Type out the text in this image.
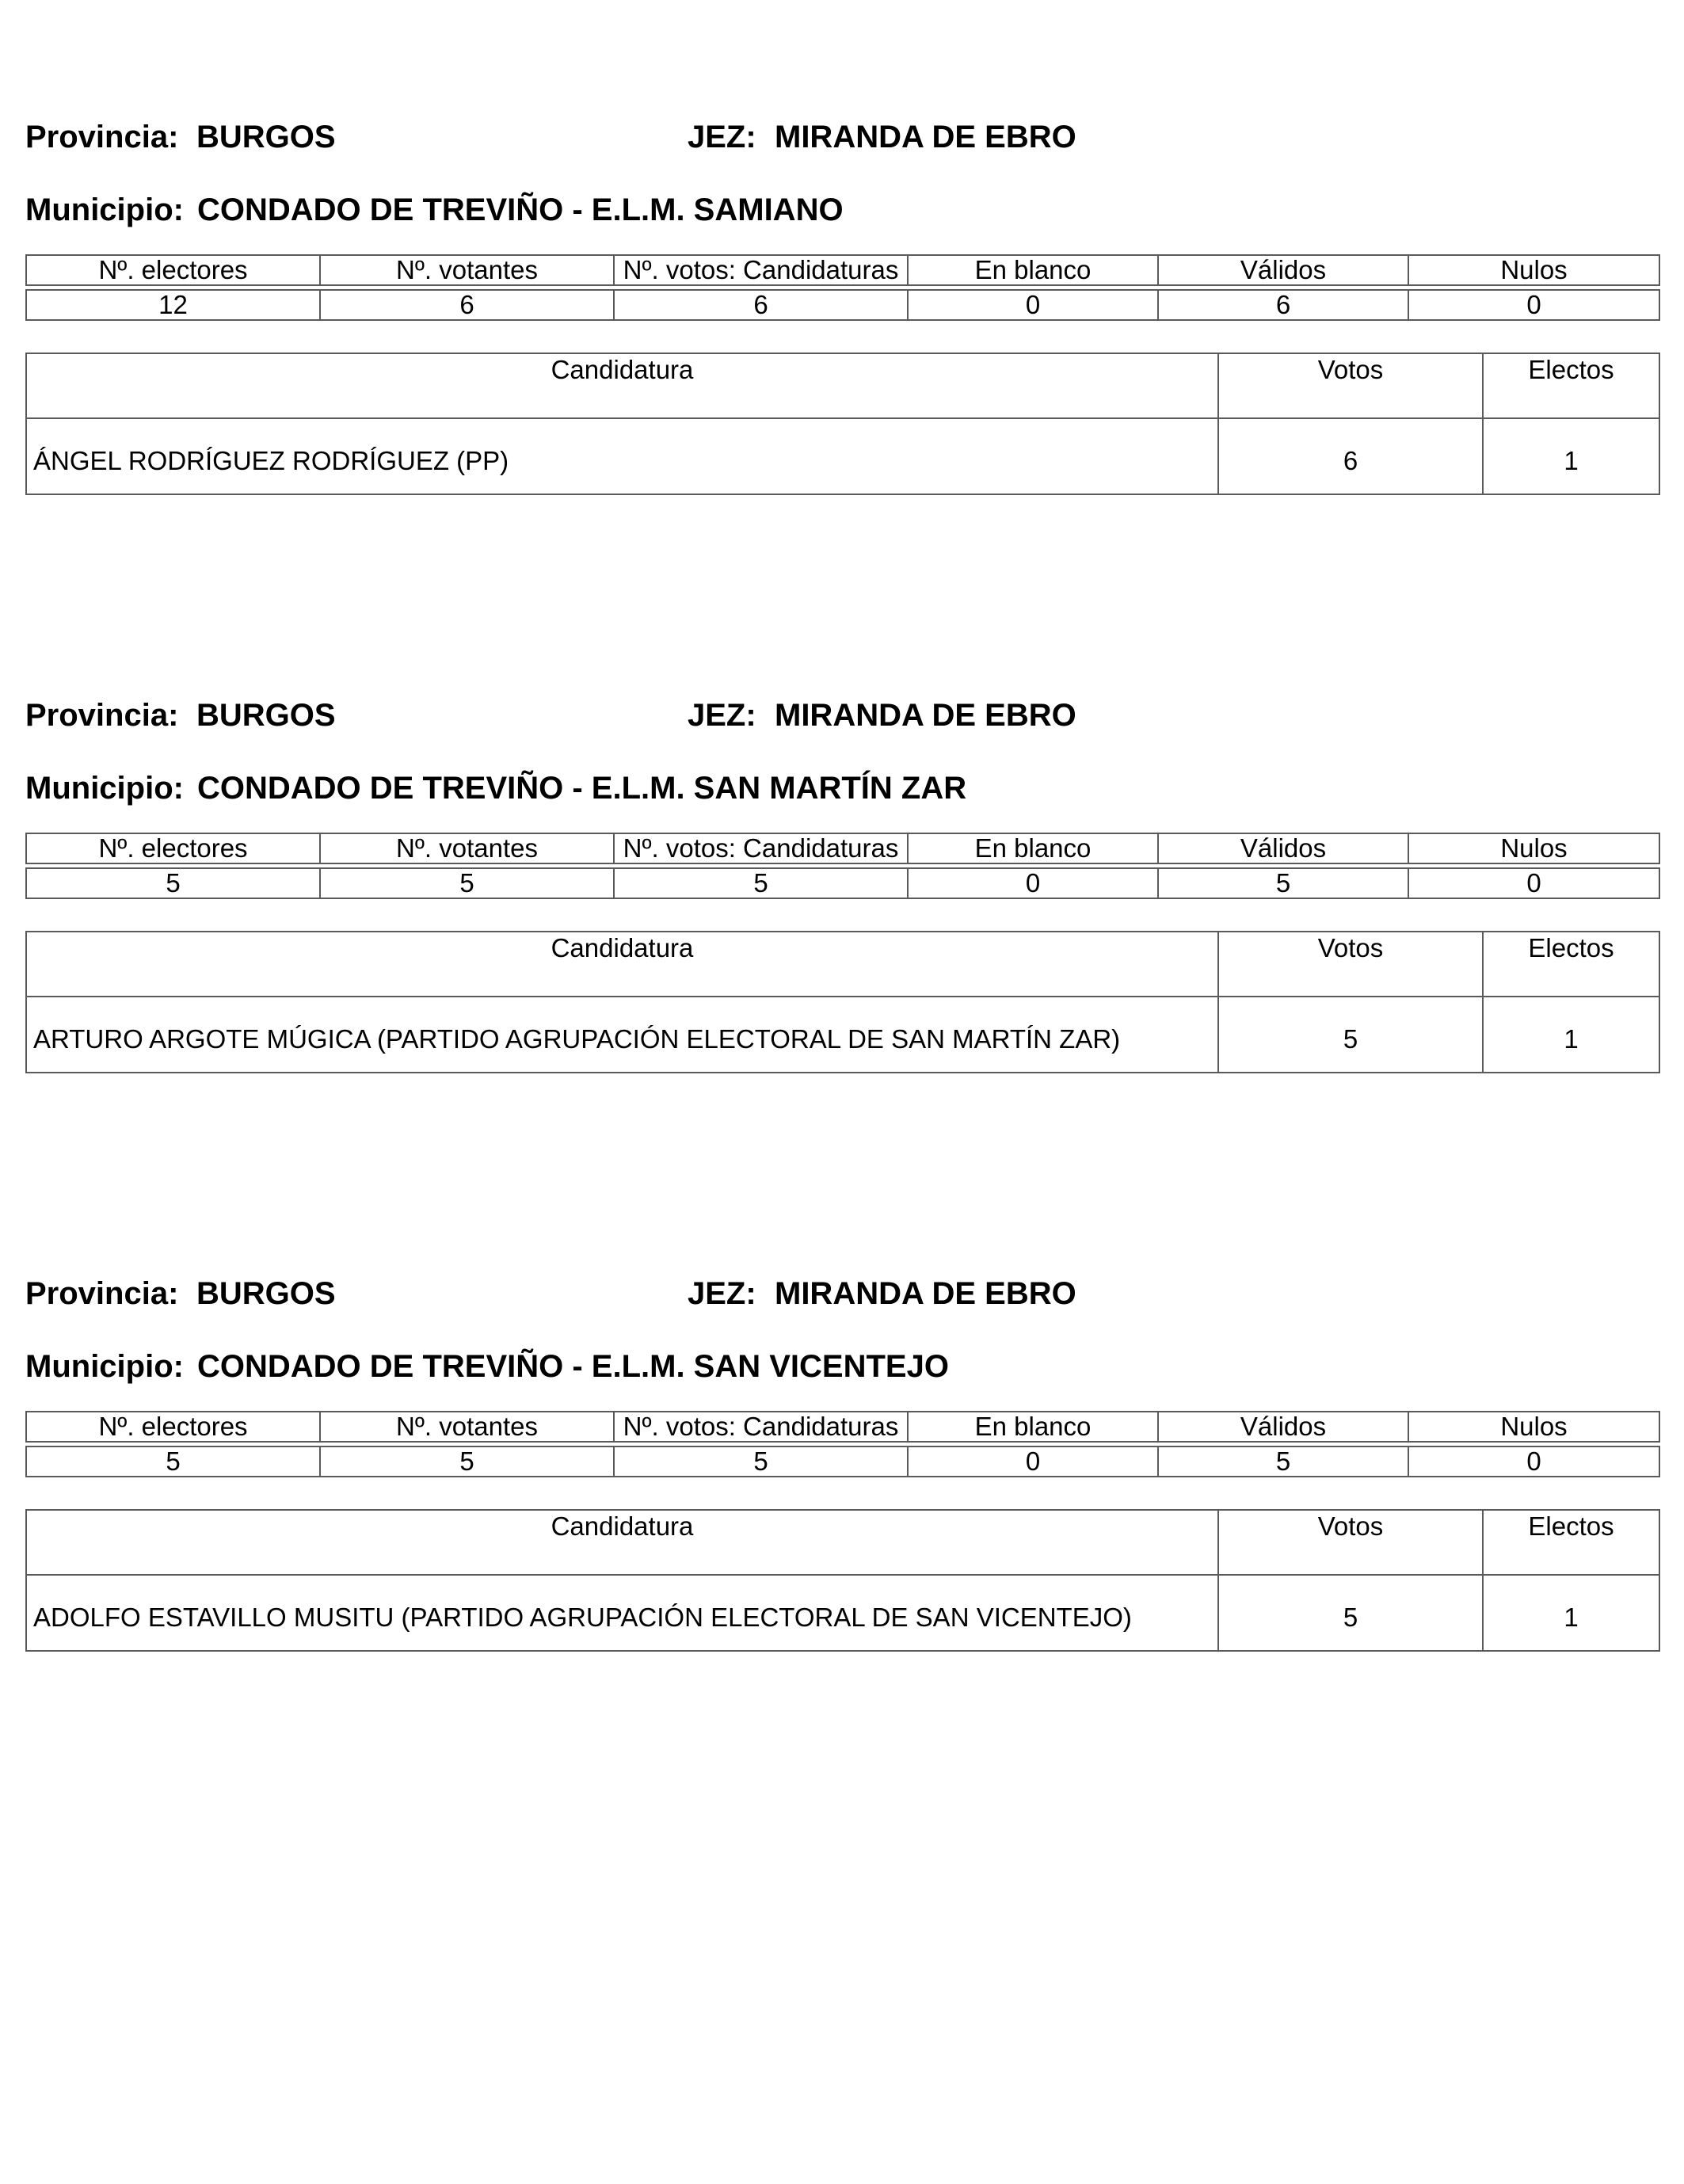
Provincia: BURGOS	JEZ: MIRANDA DE EBRO
Municipio: CONDADO DE TREVIÑO - E.L.M. SAMIANO
Nº. electores	Nº. votantes	Nº. votos: Candidaturas	En blanco	Válidos	Nulos

12	6	6	0	6	0
Candidatura	Votos	Electos
ÁNGEL RODRÍGUEZ RODRÍGUEZ (PP)	6	1
Provincia: BURGOS	JEZ: MIRANDA DE EBRO
Municipio: CONDADO DE TREVIÑO - E.L.M. SAN MARTÍN ZAR
Nº. electores	Nº. votantes	Nº. votos: Candidaturas	En blanco	Válidos	Nulos

5	5	5	0	5	0
Candidatura	Votos	Electos
ARTURO ARGOTE MÚGICA (PARTIDO AGRUPACIÓN ELECTORAL DE SAN MARTÍN ZAR)	5	1
Provincia: BURGOS	JEZ: MIRANDA DE EBRO
Municipio: CONDADO DE TREVIÑO - E.L.M. SAN VICENTEJO
Nº. electores	Nº. votantes	Nº. votos: Candidaturas	En blanco	Válidos	Nulos

5	5	5	0	5	0
Candidatura	Votos	Electos
ADOLFO ESTAVILLO MUSITU (PARTIDO AGRUPACIÓN ELECTORAL DE SAN VICENTEJO)	5	1
